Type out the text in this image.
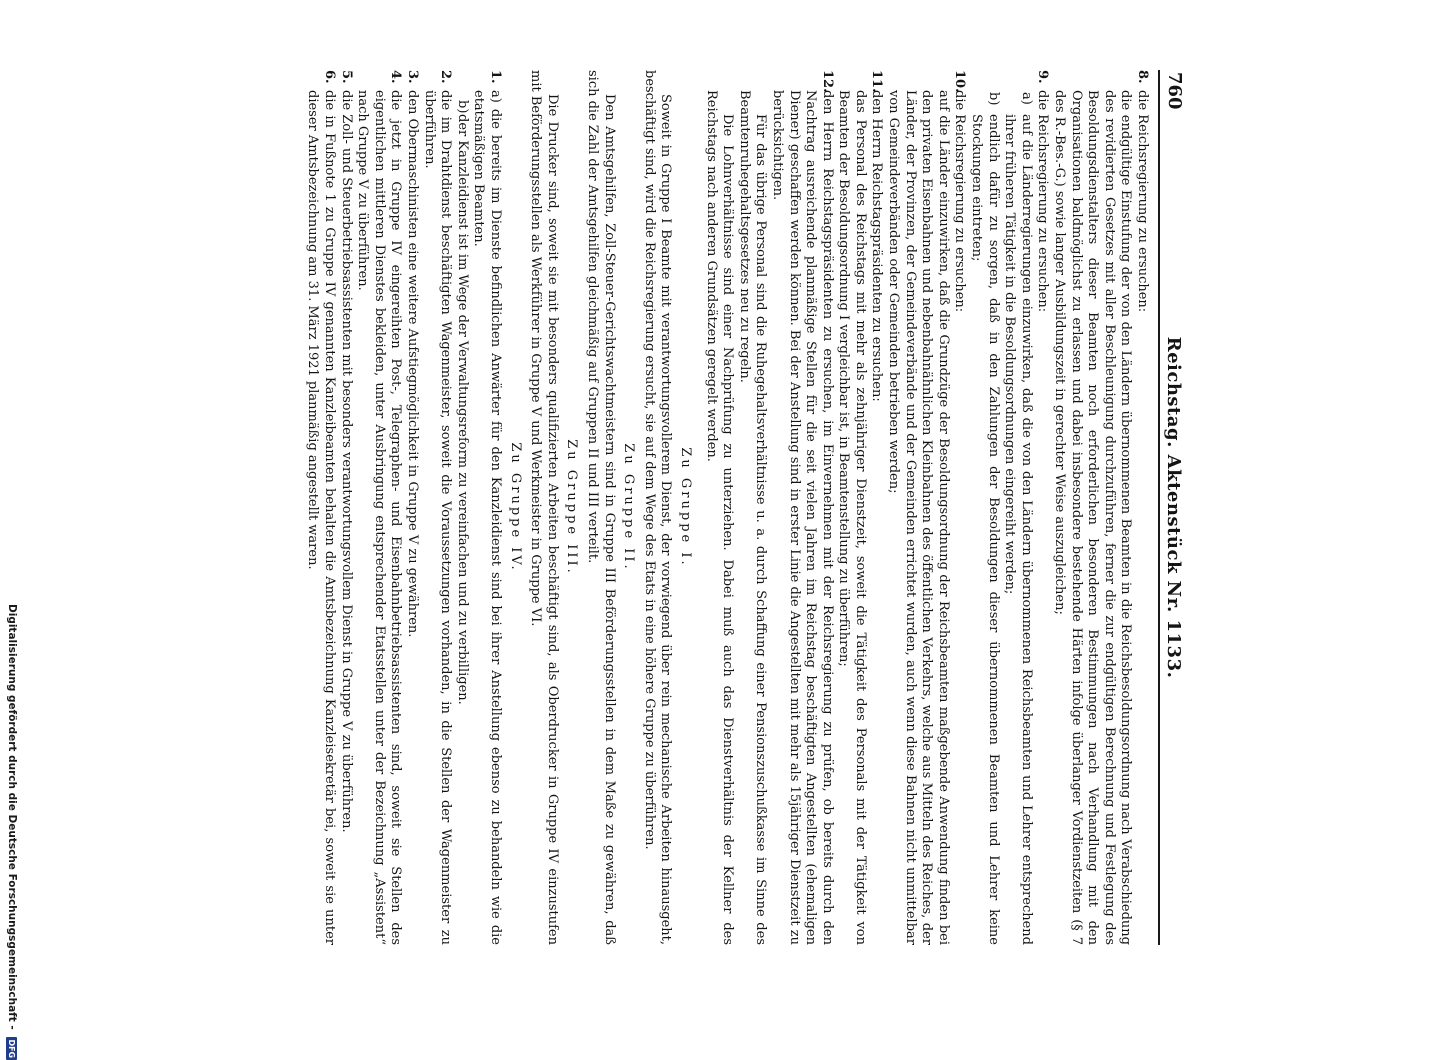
760
Reichstag. Aktenstück Nr. 1133.
8.
die Reichsregierung zu ersuchen:

die endgültige Einstufung der von den Ländern übernommenen Beamten in die Reichsbesoldungsordnung nach Verabschiedung des revidierten Gesetzes mit aller Beschleunigung durchzuführen, ferner die zur endgültigen Berechnung und Festlegung des Besoldungsdienstalters dieser Beamten noch erforderlichen besonderen Bestimmungen nach Verhandlung mit den Organisationen baldmöglichst zu erlassen und dabei insbesondere bestehende Härten infolge überlanger Vordienstzeiten (§ 7 des R.-Bes.-G.) sowie langer Ausbildungszeit in gerechter Weise auszugleichen;

9.
die Reichsregierung zu ersuchen:
a)
auf die Länderregierungen einzuwirken, daß die von den Ländern übernommenen Reichsbeamten und Lehrer entsprechend ihrer früheren Tätigkeit in die Besoldungsordnungen eingereiht werden;
b)
endlich dafür zu sorgen, daß in den Zahlungen der Besoldungen dieser übernommenen Beamten und Lehrer keine Stockungen eintreten;
10.
die Reichsregierung zu ersuchen:

auf die Länder einzuwirken, daß die Grundzüge der Besoldungsordnung der Reichsbeamten maßgebende Anwendung finden bei den privaten Eisenbahnen und nebenbahnähnlichen Kleinbahnen des öffentlichen Verkehrs, welche aus Mitteln des Reiches, der Länder, der Provinzen, der Gemeindeverbände und der Gemeinden errichtet wurden, auch wenn diese Bahnen nicht unmittelbar von Gemeindeverbänden oder Gemeinden betrieben werden;

11.
den Herrn Reichstagspräsidenten zu ersuchen:

das Personal des Reichstags mit mehr als zehnjähriger Dienstzeit, soweit die Tätigkeit des Personals mit der Tätigkeit von Beamten der Besoldungsordnung I vergleichbar ist, in Beamtenstellung zu überführen;

12.
den Herrn Reichstagspräsidenten zu ersuchen, im Einvernehmen mit der Reichsregierung zu prüfen, ob bereits durch den Nachtrag ausreichende planmäßige Stellen für die seit vielen Jahren im Reichstag beschäftigten Angestellten (ehemaligen Diener) geschaffen werden können. Bei der Anstellung sind in erster Linie die Angestellten mit mehr als 15jähriger Dienstzeit zu berücksichtigen.

Für das übrige Personal sind die Ruhegehaltsverhältnisse u. a. durch Schaffung einer Pensionszuschußkasse im Sinne des Beamtenruhegehaltsgesetzes neu zu regeln.

Die Lohnverhältnisse sind einer Nachprüfung zu unterziehen. Dabei muß auch das Dienstverhältnis der Kellner des Reichstags nach anderen Grundsätzen geregelt werden.

Zu Gruppe I.

Soweit in Gruppe I Beamte mit verantwortungsvollerem Dienst, der vorwiegend über rein mechanische Arbeiten hinausgeht, beschäftigt sind, wird die Reichsregierung ersucht, sie auf dem Wege des Etats in eine höhere Gruppe zu überführen.

Zu Gruppe II.

Den Amtsgehilfen, Zoll-Steuer-Gerichtswachtmeistern sind in Gruppe III Beförderungsstellen in dem Maße zu gewähren, daß sich die Zahl der Amtsgehilfen gleichmäßig auf Gruppen II und III verteilt.

Zu Gruppe III.

Die Drucker sind, soweit sie mit besonders qualifizierten Arbeiten beschäftigt sind, als Oberdrucker in Gruppe IV einzustufen mit Beförderungsstellen als Werkführer in Gruppe V und Werkmeister in Gruppe VI.

Zu Gruppe IV.
1.
a) die bereits im Dienste befindlichen Anwärter für den Kanzleidienst sind bei ihrer Anstellung ebenso zu behandeln wie die etatsmäßigen Beamten.
b)
der Kanzleidienst ist im Wege der Verwaltungsreform zu vereinfachen und zu verbilligen.
2.
die im Drahtdienst beschäftigten Wagenmeister, soweit die Voraussetzungen vorhanden, in die Stellen der Wagenmeister zu überführen.
3.
den Obermaschinisten eine weitere Aufstiegmöglichkeit in Gruppe V zu gewähren.
4.
die jetzt in Gruppe IV eingereihten Post-, Telegraphen- und Eisenbahnbetriebsassistenten sind, soweit sie Stellen des eigentlichen mittleren Dienstes bekleiden, unter Ausbringung entsprechender Etatsstellen unter der Bezeichnung „Assistent“ nach Gruppe V zu überführen.
5.
die Zoll- und Steuerbetriebsassistenten mit besonders verantwortungsvollem Dienst in Gruppe V zu überführen.
6.
die in Fußnote 1 zu Gruppe IV genannten Kanzleibeamten behalten die Amtsbezeichnung Kanzleisekretär bei, soweit sie unter dieser Amtsbezeichnung am 31. März 1921 planmäßig angestellt waren.
Digitalisierung gefördert durch die Deutsche Forschungsgemeinschaft - DFG
